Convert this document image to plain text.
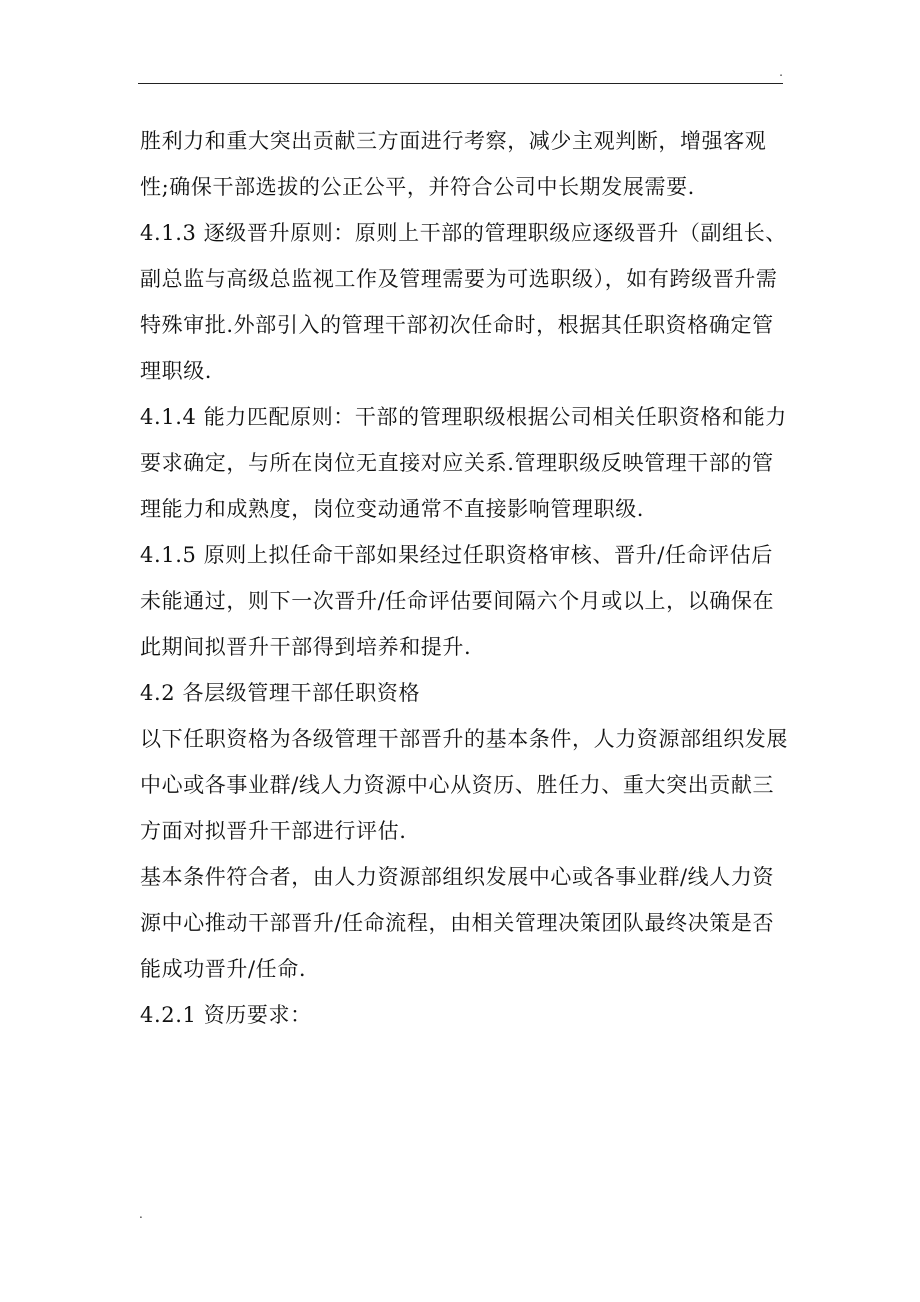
.

胜利力和重大突出贡献三方面进行考察，减少主观判断，增强客观性;确保干部选拔的公正公平，并符合公司中长期发展需要.

4.1.3 逐级晋升原则：原则上干部的管理职级应逐级晋升（副组长、副总监与高级总监视工作及管理需要为可选职级），如有跨级晋升需特殊审批.外部引入的管理干部初次任命时，根据其任职资格确定管理职级.

4.1.4 能力匹配原则：干部的管理职级根据公司相关任职资格和能力要求确定，与所在岗位无直接对应关系.管理职级反映管理干部的管理能力和成熟度，岗位变动通常不直接影响管理职级.

4.1.5 原则上拟任命干部如果经过任职资格审核、晋升/任命评估后未能通过，则下一次晋升/任命评估要间隔六个月或以上，以确保在此期间拟晋升干部得到培养和提升.

4.2 各层级管理干部任职资格

以下任职资格为各级管理干部晋升的基本条件，人力资源部组织发展中心或各事业群/线人力资源中心从资历、胜任力、重大突出贡献三方面对拟晋升干部进行评估.

基本条件符合者，由人力资源部组织发展中心或各事业群/线人力资源中心推动干部晋升/任命流程，由相关管理决策团队最终决策是否能成功晋升/任命.

4.2.1 资历要求：

.
